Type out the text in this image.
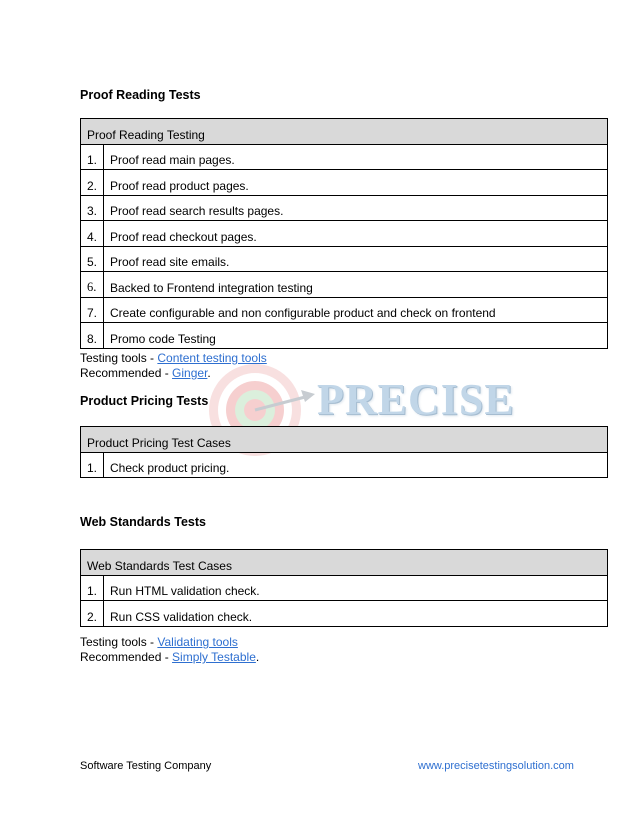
PRECISE
Proof Reading Tests
Proof Reading Testing	
1.	Proof read main pages.
2.	Proof read product pages.
3.	Proof read search results pages.
4.	Proof read checkout pages.
5.	Proof read site emails.
6.	Backed to Frontend integration testing
7.	Create configurable and non configurable product and check on frontend
8.	Promo code Testing
Testing tools - Content testing tools
Recommended - Ginger.
Product Pricing Tests
Product Pricing Test Cases
1.	Check product pricing.
Web Standards Tests
Web Standards Test Cases	
1.	Run HTML validation check.
2.	Run CSS validation check.
Testing tools - Validating tools
Recommended - Simply Testable.
Software Testing Company	www.precisetestingsolution.com
